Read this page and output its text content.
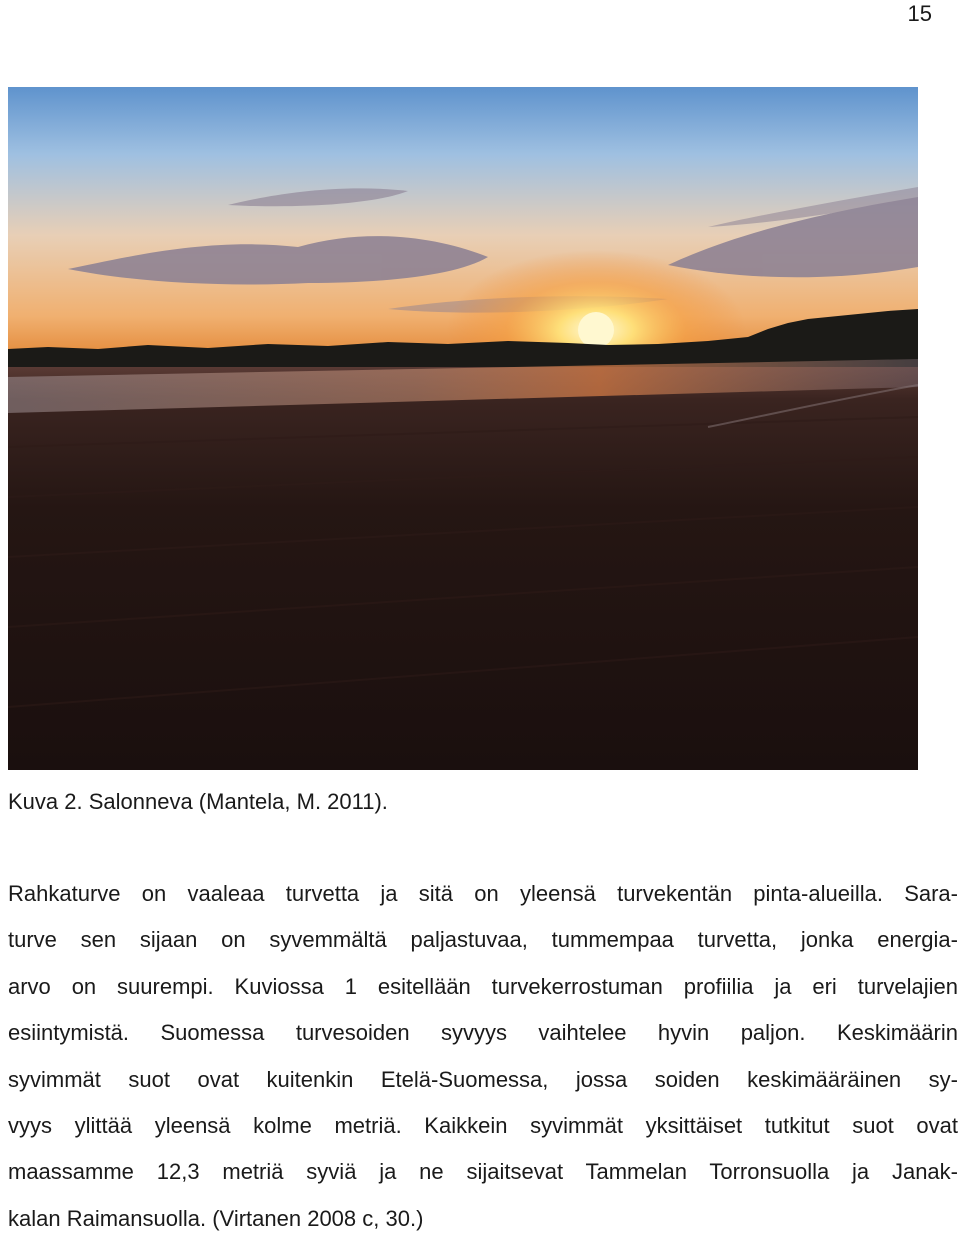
15
Kuva 2. Salonneva (Mantela, M. 2011).
Rahkaturve on vaaleaa turvetta ja sitä on yleensä turvekentän pinta-alueilla. Sara-
turve sen sijaan on syvemmältä paljastuvaa, tummempaa turvetta, jonka energia-
arvo on suurempi. Kuviossa 1 esitellään turvekerrostuman profiilia ja eri turvelajien
esiintymistä. Suomessa turvesoiden syvyys vaihtelee hyvin paljon. Keskimäärin
syvimmät suot ovat kuitenkin Etelä-Suomessa, jossa soiden keskimääräinen sy-
vyys ylittää yleensä kolme metriä. Kaikkein syvimmät yksittäiset tutkitut suot ovat
maassamme 12,3 metriä syviä ja ne sijaitsevat Tammelan Torronsuolla ja Janak-
kalan Raimansuolla. (Virtanen 2008 c, 30.)
